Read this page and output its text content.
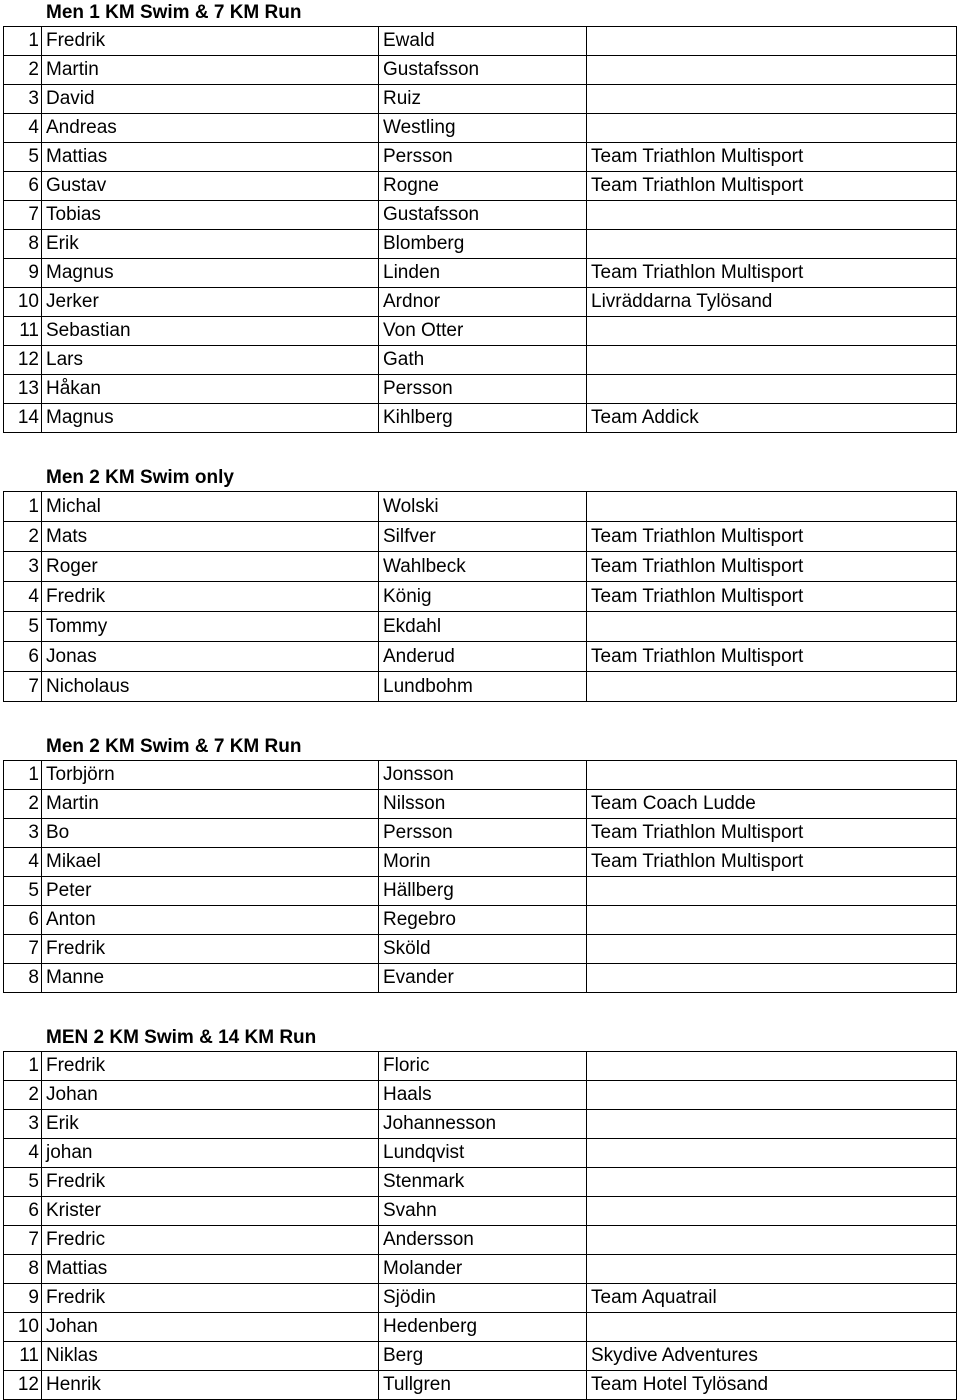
Men 1 KM Swim & 7 KM Run
1	Fredrik	Ewald	
2	Martin	Gustafsson	
3	David	Ruiz	
4	Andreas	Westling	
5	Mattias	Persson	Team Triathlon Multisport
6	Gustav	Rogne	Team Triathlon Multisport
7	Tobias	Gustafsson	
8	Erik	Blomberg	
9	Magnus	Linden	Team Triathlon Multisport
10	Jerker	Ardnor	Livräddarna Tylösand
11	Sebastian	Von Otter	
12	Lars	Gath	
13	Håkan	Persson	
14	Magnus	Kihlberg	Team Addick
Men 2 KM Swim only
1	Michal	Wolski	
2	Mats	Silfver	Team Triathlon Multisport
3	Roger	Wahlbeck	Team Triathlon Multisport
4	Fredrik	König	Team Triathlon Multisport
5	Tommy	Ekdahl	
6	Jonas	Anderud	Team Triathlon Multisport
7	Nicholaus	Lundbohm	
Men 2 KM Swim & 7 KM Run
1	Torbjörn	Jonsson	
2	Martin	Nilsson	Team Coach Ludde
3	Bo	Persson	Team Triathlon Multisport
4	Mikael	Morin	Team Triathlon Multisport
5	Peter	Hällberg	
6	Anton	Regebro	
7	Fredrik	Sköld	
8	Manne	Evander	
MEN 2 KM Swim & 14 KM Run
1	Fredrik	Floric	
2	Johan	Haals	
3	Erik	Johannesson	
4	johan	Lundqvist	
5	Fredrik	Stenmark	
6	Krister	Svahn	
7	Fredric	Andersson	
8	Mattias	Molander	
9	Fredrik	Sjödin	Team Aquatrail
10	Johan	Hedenberg	
11	Niklas	Berg	Skydive Adventures
12	Henrik	Tullgren	Team Hotel Tylösand
